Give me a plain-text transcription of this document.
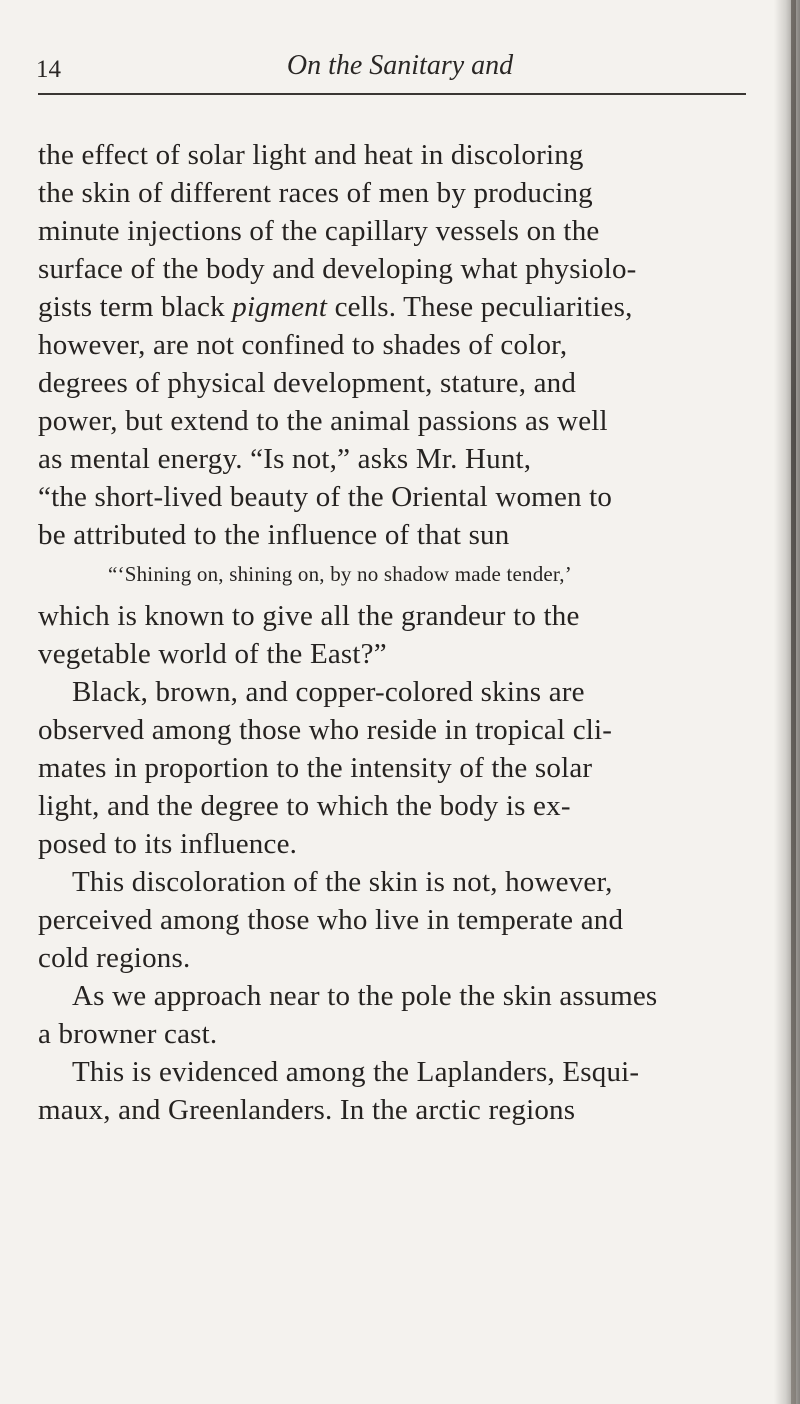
14	On the Sanitary and
the effect of solar light and heat in discoloring
the skin of different races of men by producing
minute injections of the capillary vessels on the
surface of the body and developing what physiolo-
gists term black pigment cells. These peculiarities,
however, are not confined to shades of color,
degrees of physical development, stature, and
power, but extend to the animal passions as well
as mental energy. “Is not,” asks Mr. Hunt,
“the short-lived beauty of the Oriental women to
be attributed to the influence of that sun
“‘Shining on, shining on, by no shadow made tender,’
which is known to give all the grandeur to the
vegetable world of the East?”
Black, brown, and copper-colored skins are
observed among those who reside in tropical cli-
mates in proportion to the intensity of the solar
light, and the degree to which the body is ex-
posed to its influence.
This discoloration of the skin is not, however,
perceived among those who live in temperate and
cold regions.
As we approach near to the pole the skin assumes
a browner cast.
This is evidenced among the Laplanders, Esqui-
maux, and Greenlanders. In the arctic regions
